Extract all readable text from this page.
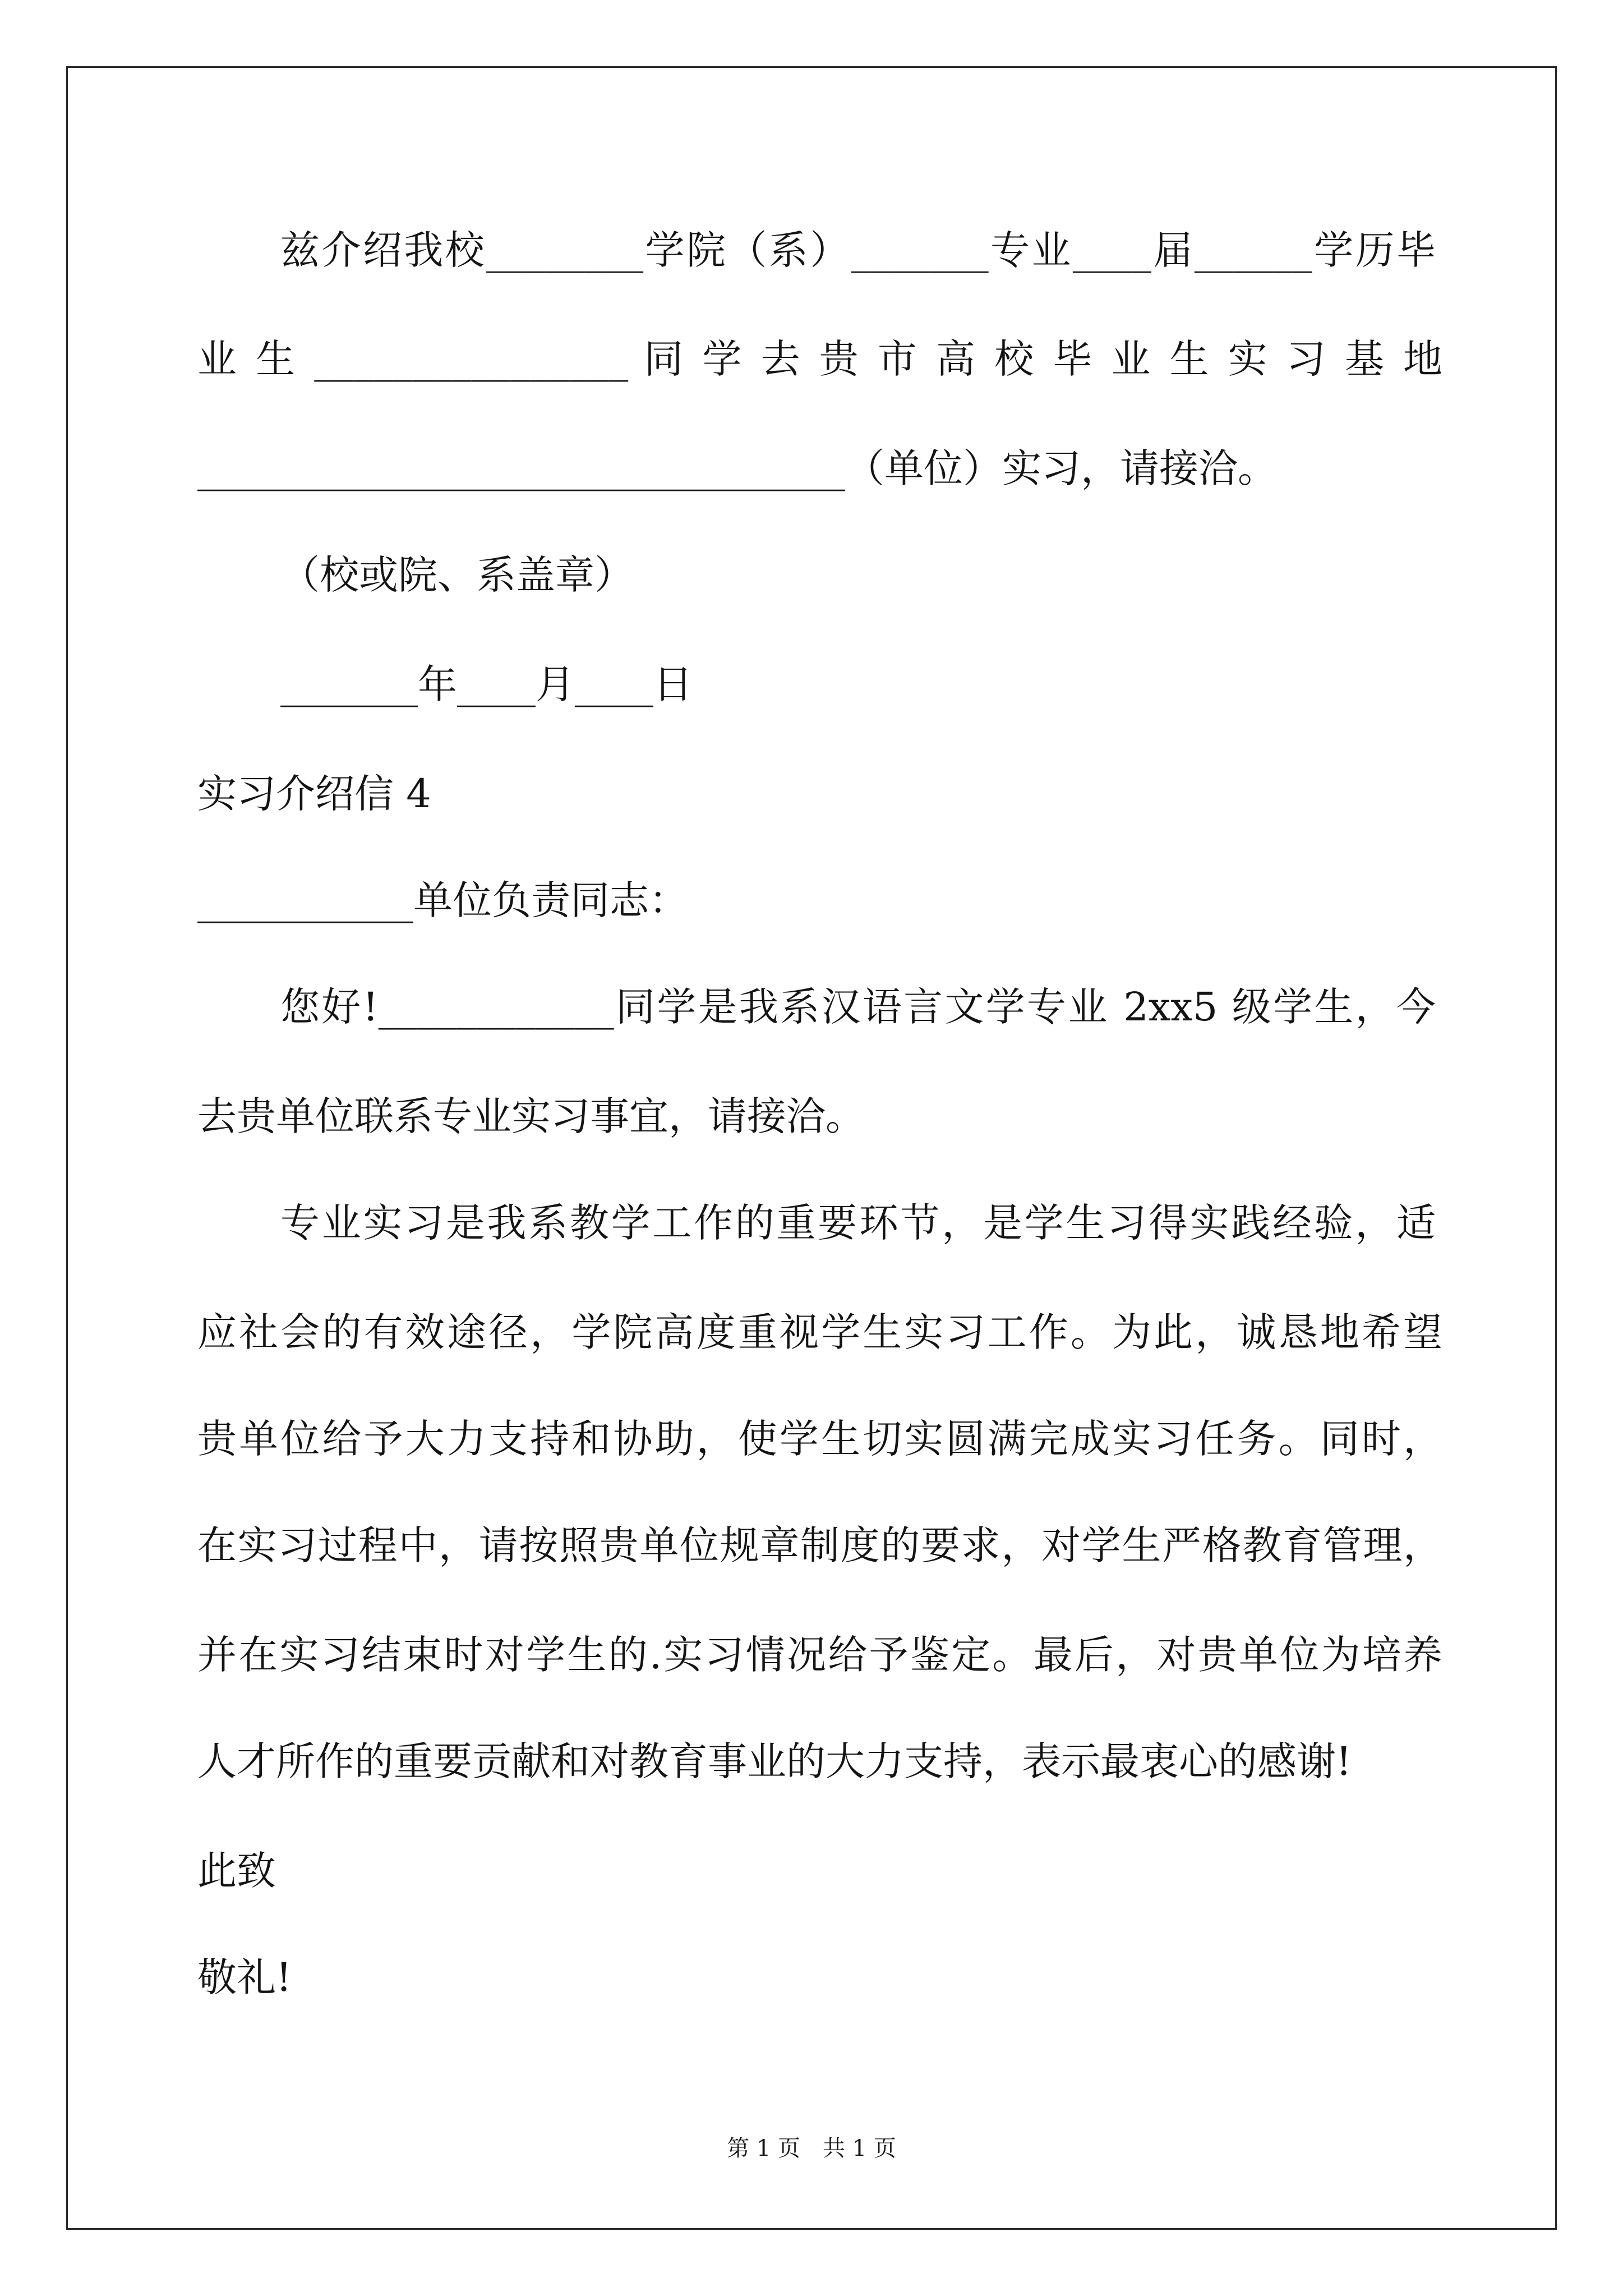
兹介绍我校________学院（系）_______专业____届______学历毕
业 生 ________________ 同 学 去 贵 市 高 校 毕 业 生 实 习 基 地
_________________________________（单位）实习，请接洽。
（校或院、系盖章）
_______年____月____日
实习介绍信 4
___________单位负责同志：
您好!____________同学是我系汉语言文学专业 2xx5 级学生，今
去贵单位联系专业实习事宜，请接洽。
专业实习是我系教学工作的重要环节，是学生习得实践经验，适
应社会的有效途径，学院高度重视学生实习工作。为此，诚恳地希望
贵单位给予大力支持和协助，使学生切实圆满完成实习任务。同时，
在实习过程中，请按照贵单位规章制度的要求，对学生严格教育管理，
并在实习结束时对学生的.实习情况给予鉴定。最后，对贵单位为培养
人才所作的重要贡献和对教育事业的大力支持，表示最衷心的感谢!
此致
敬礼!
第 1 页　共 1 页
